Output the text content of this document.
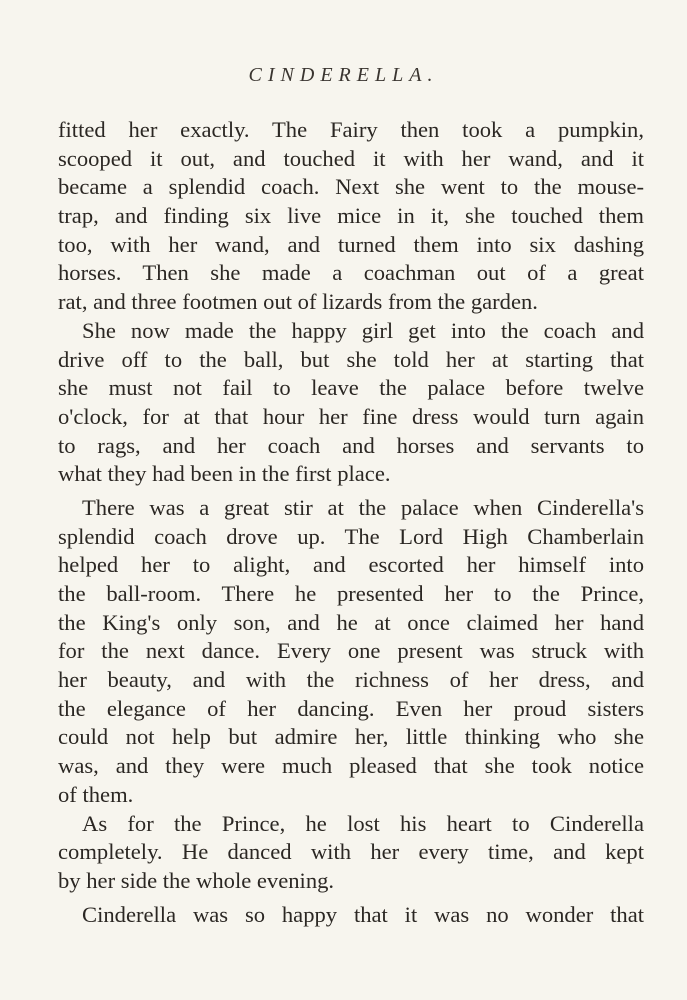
CINDERELLA.
fitted her exactly. The Fairy then took a pumpkin,
scooped it out, and touched it with her wand, and it
became a splendid coach. Next she went to the mouse-
trap, and finding six live mice in it, she touched them
too, with her wand, and turned them into six dashing
horses. Then she made a coachman out of a great
rat, and three footmen out of lizards from the garden.
She now made the happy girl get into the coach and
drive off to the ball, but she told her at starting that
she must not fail to leave the palace before twelve
o'clock, for at that hour her fine dress would turn again
to rags, and her coach and horses and servants to
what they had been in the first place.
There was a great stir at the palace when Cinderella's
splendid coach drove up. The Lord High Chamberlain
helped her to alight, and escorted her himself into
the ball-room. There he presented her to the Prince,
the King's only son, and he at once claimed her hand
for the next dance. Every one present was struck with
her beauty, and with the richness of her dress, and
the elegance of her dancing. Even her proud sisters
could not help but admire her, little thinking who she
was, and they were much pleased that she took notice
of them.
As for the Prince, he lost his heart to Cinderella
completely. He danced with her every time, and kept
by her side the whole evening.
Cinderella was so happy that it was no wonder that
